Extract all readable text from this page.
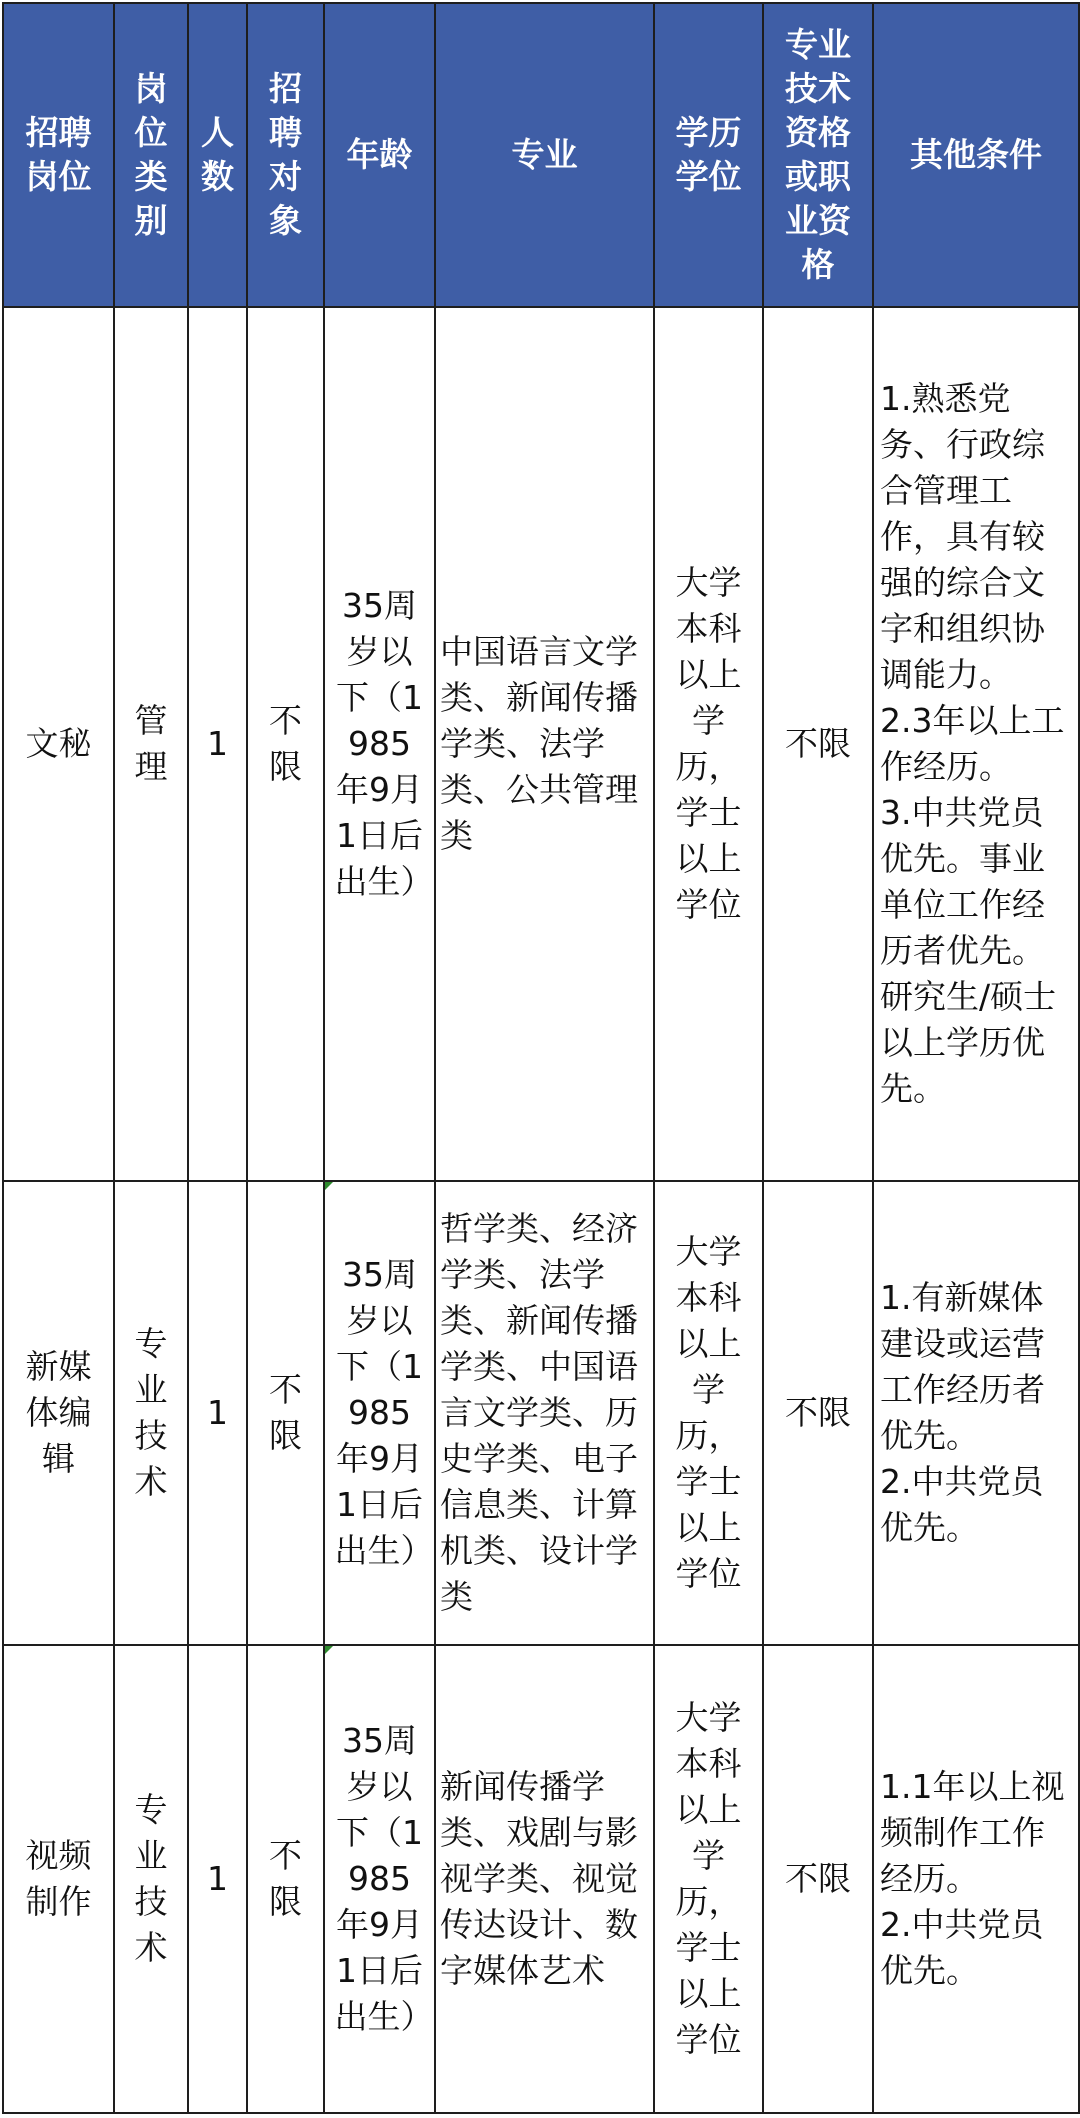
招聘岗位	岗位类别	人数	招聘对象	年龄	专业	学历学位	专业技术资格或职业资格	其他条件

文秘	管理	1	不限	35周岁以下（1985年9月1日后出生）	中国语言文学类、新闻传播学类、法学类、公共管理类	大学本科以上学历，学士以上学位	不限	1.熟悉党务、行政综合管理工作，具有较强的综合文字和组织协调能力。
2.3年以上工作经历。
3.中共党员优先。事业单位工作经历者优先。研究生/硕士以上学历优先。

新媒体编辑	专业技术	1	不限	35周岁以下（1985年9月1日后出生）	哲学类、经济学类、法学类、新闻传播学类、中国语言文学类、历史学类、电子信息类、计算机类、设计学类	大学本科以上学历，学士以上学位	不限	1.有新媒体建设或运营工作经历者优先。
2.中共党员优先。

视频制作	专业技术	1	不限	35周岁以下（1985年9月1日后出生）	新闻传播学类、戏剧与影视学类、视觉传达设计、数字媒体艺术	大学本科以上学历，学士以上学位	不限	1.1年以上视频制作工作经历。
2.中共党员优先。
